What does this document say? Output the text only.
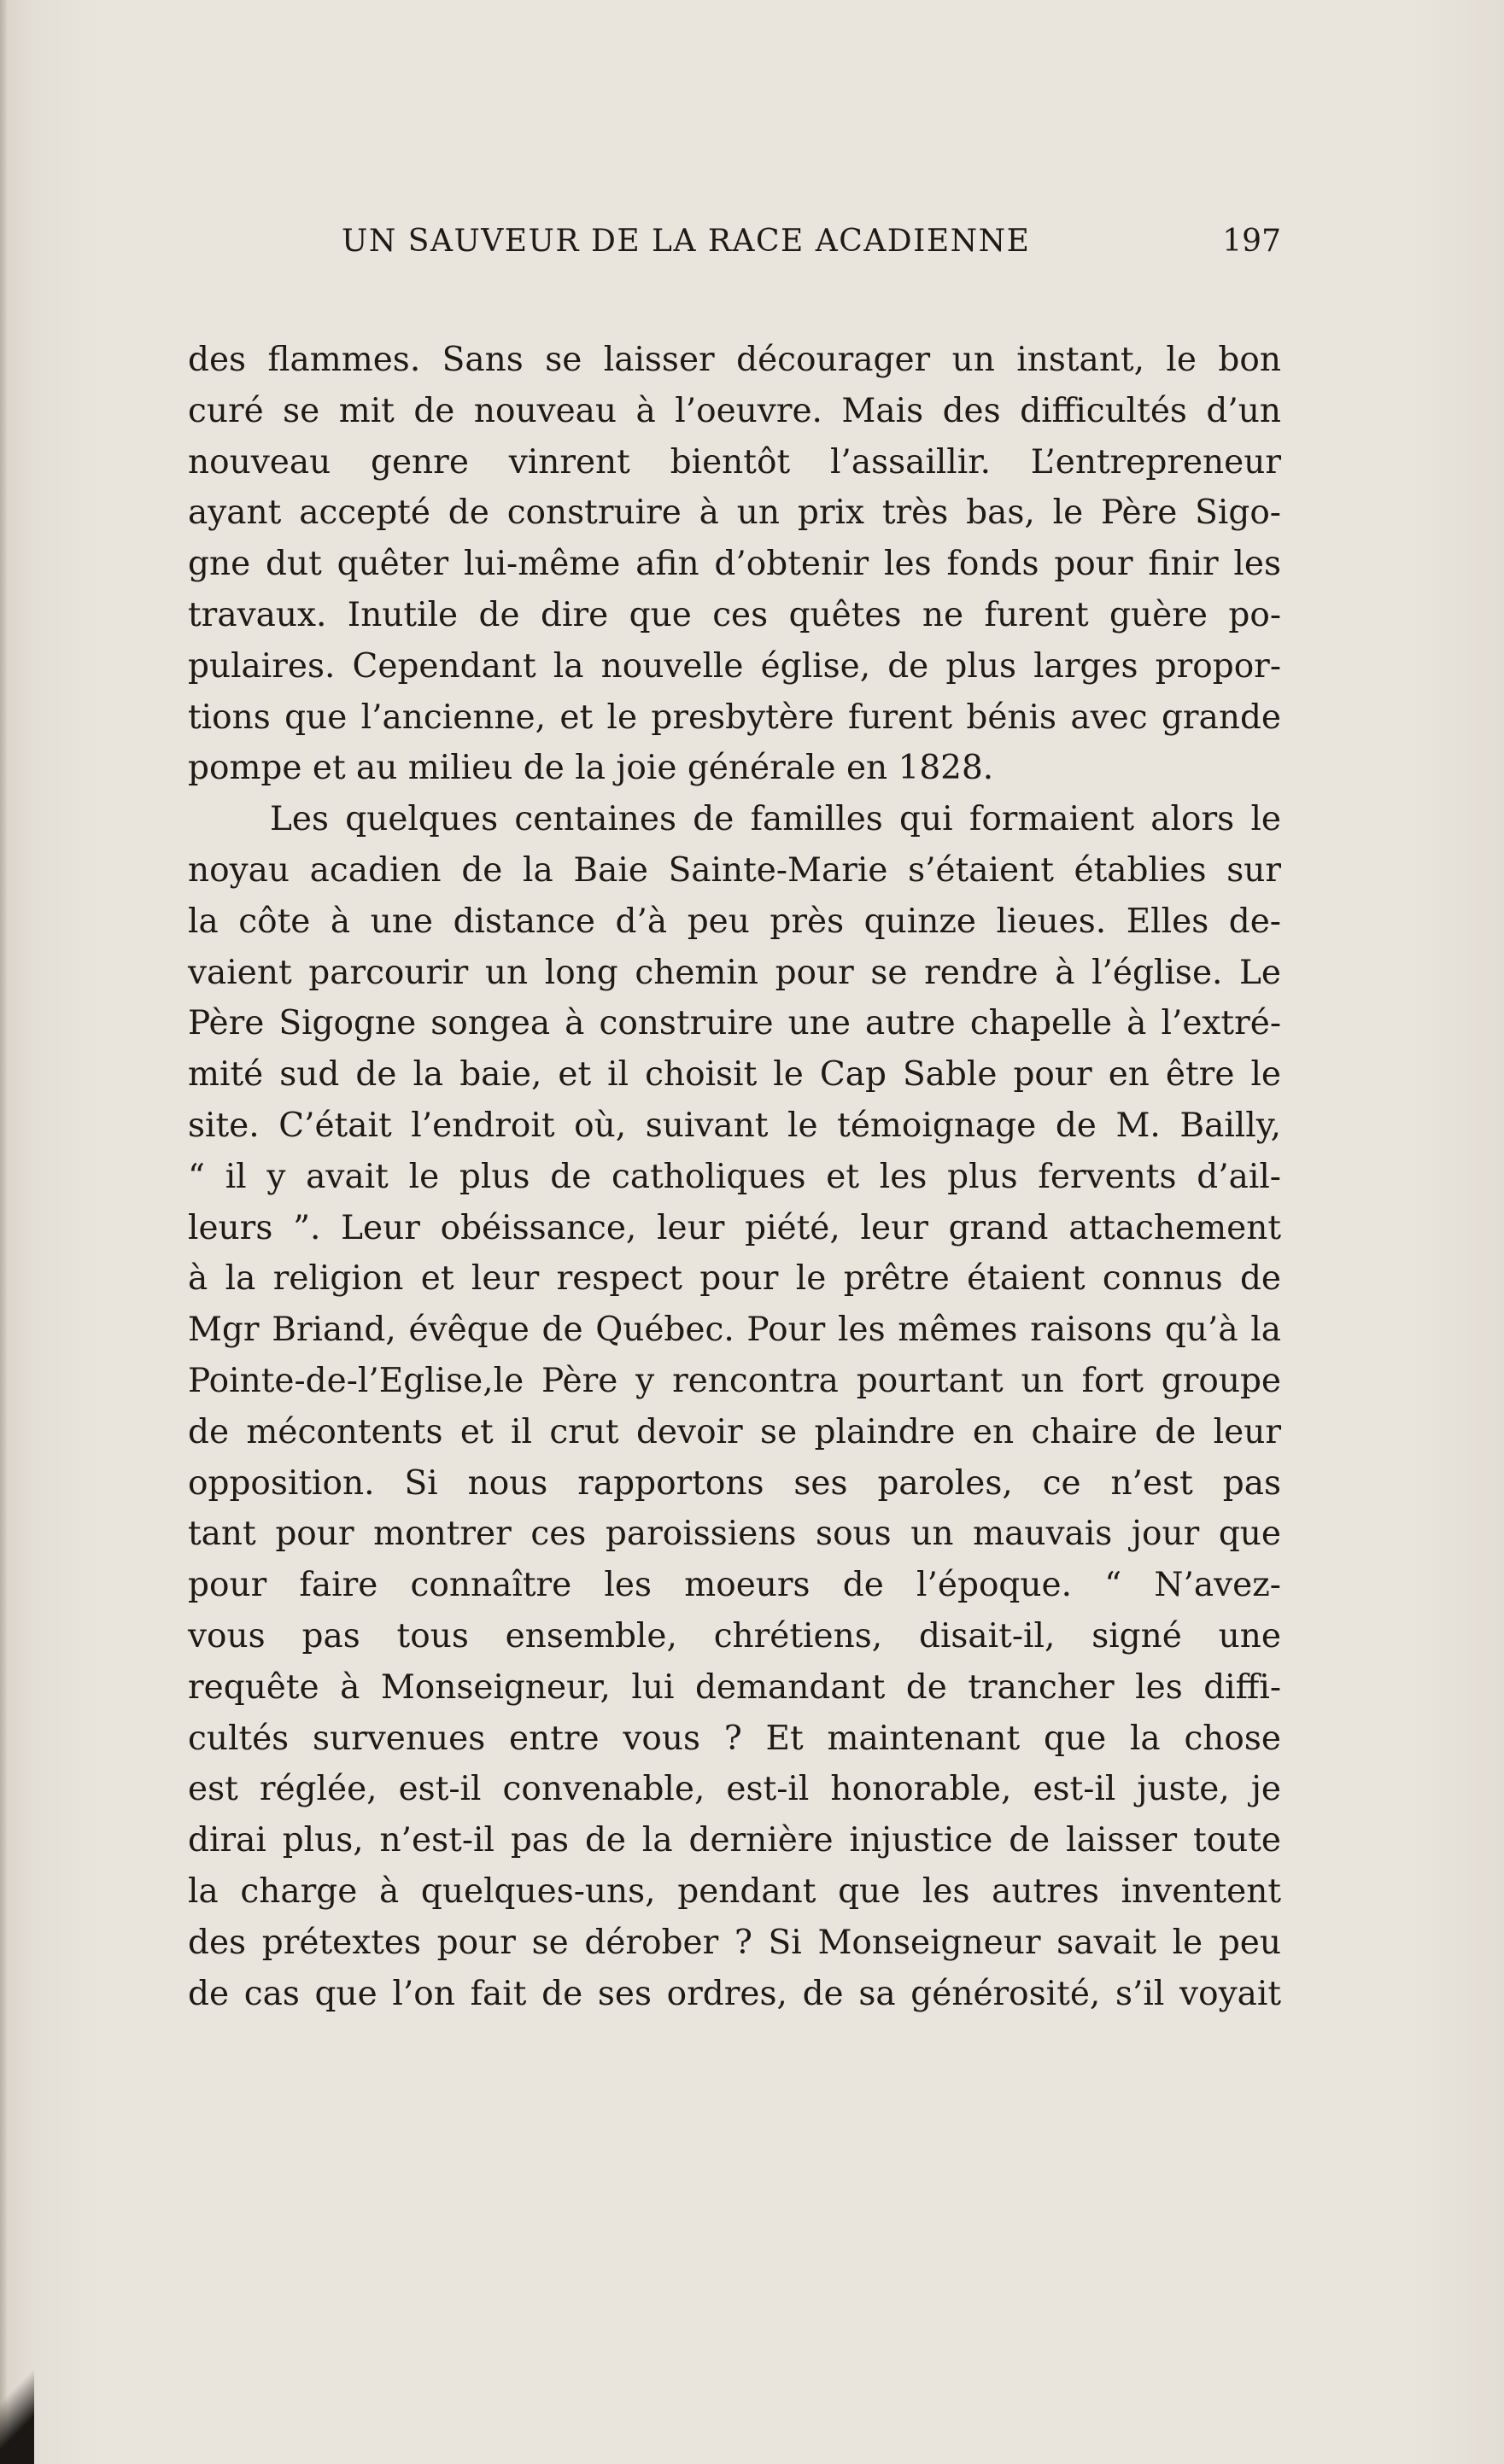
UN SAUVEUR DE LA RACE ACADIENNE	197
des flammes. Sans se laisser décourager un instant, le bon
curé se mit de nouveau à l’oeuvre. Mais des difficultés d’un
nouveau genre vinrent bientôt l’assaillir. L’entrepreneur
ayant accepté de construire à un prix très bas, le Père Sigo-
gne dut quêter lui-même afin d’obtenir les fonds pour finir les
travaux. Inutile de dire que ces quêtes ne furent guère po-
pulaires. Cependant la nouvelle église, de plus larges propor-
tions que l’ancienne, et le presbytère furent bénis avec grande
pompe et au milieu de la joie générale en 1828.
Les quelques centaines de familles qui formaient alors le
noyau acadien de la Baie Sainte-Marie s’étaient établies sur
la côte à une distance d’à peu près quinze lieues. Elles de-
vaient parcourir un long chemin pour se rendre à l’église. Le
Père Sigogne songea à construire une autre chapelle à l’extré-
mité sud de la baie, et il choisit le Cap Sable pour en être le
site. C’était l’endroit où, suivant le témoignage de M. Bailly,
“ il y avait le plus de catholiques et les plus fervents d’ail-
leurs ”. Leur obéissance, leur piété, leur grand attachement
à la religion et leur respect pour le prêtre étaient connus de
Mgr Briand, évêque de Québec. Pour les mêmes raisons qu’à la
Pointe-de-l’Eglise,le Père y rencontra pourtant un fort groupe
de mécontents et il crut devoir se plaindre en chaire de leur
opposition. Si nous rapportons ses paroles, ce n’est pas
tant pour montrer ces paroissiens sous un mauvais jour que
pour faire connaître les moeurs de l’époque. “ N’avez-
vous pas tous ensemble, chrétiens, disait-il, signé une
requête à Monseigneur, lui demandant de trancher les diffi-
cultés survenues entre vous ? Et maintenant que la chose
est réglée, est-il convenable, est-il honorable, est-il juste, je
dirai plus, n’est-il pas de la dernière injustice de laisser toute
la charge à quelques-uns, pendant que les autres inventent
des prétextes pour se dérober ? Si Monseigneur savait le peu
de cas que l’on fait de ses ordres, de sa générosité, s’il voyait
